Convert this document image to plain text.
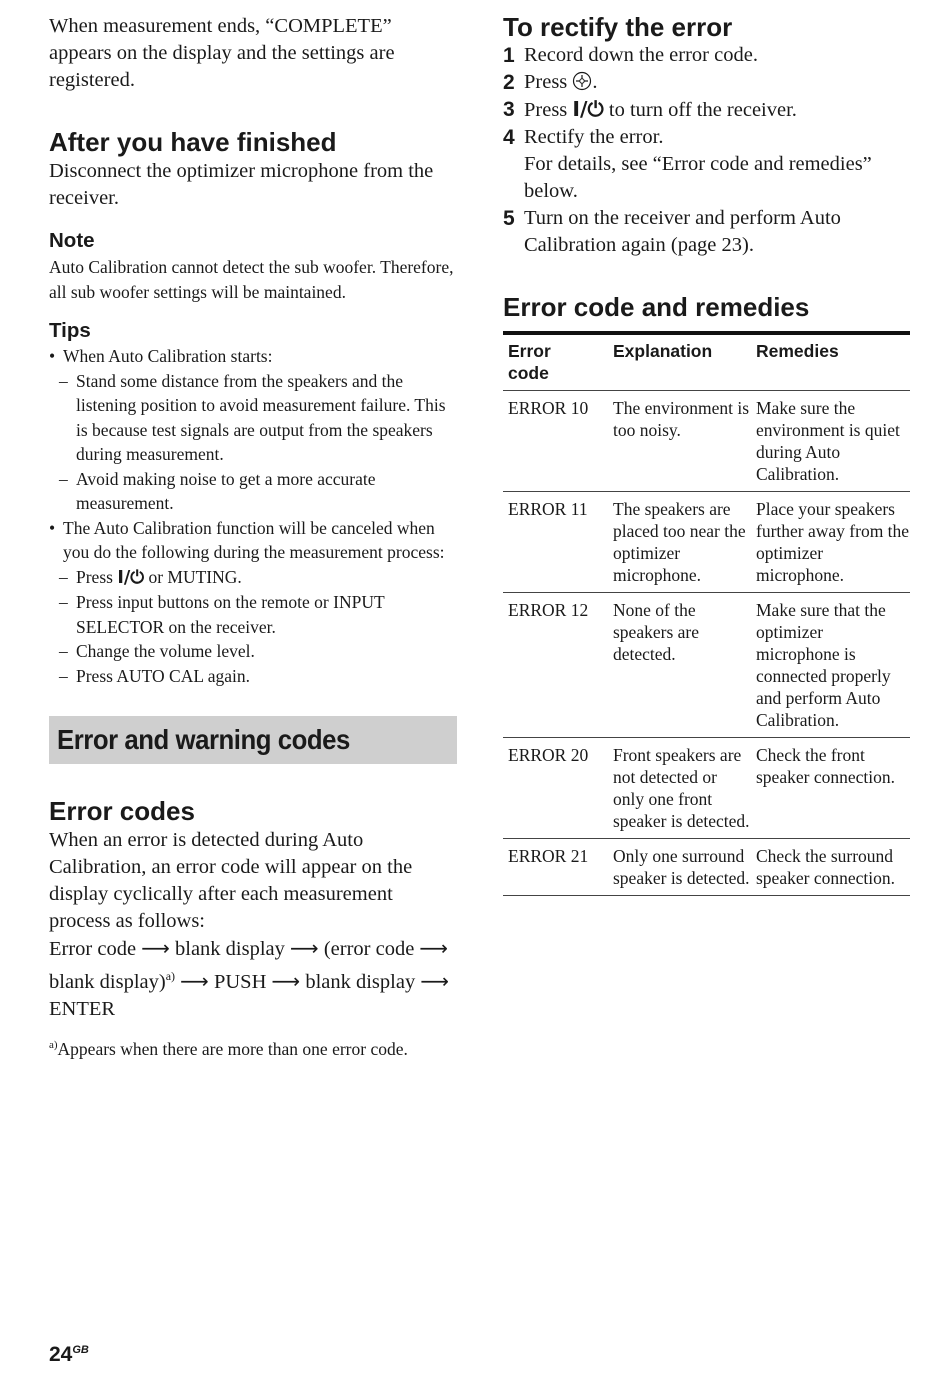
When measurement ends, “COMPLETE” appears on the display and the settings are registered.

After you have finished

Disconnect the optimizer microphone from the receiver.

Note

Auto Calibration cannot detect the sub woofer. Therefore, all sub woofer settings will be maintained.

Tips
• When Auto Calibration starts:
– Stand some distance from the speakers and the listening position to avoid measurement failure. This is because test signals are output from the speakers during measurement.
– Avoid making noise to get a more accurate measurement.
• The Auto Calibration function will be canceled when you do the following during the measurement process:
– Press I/⏻ or MUTING.
– Press input buttons on the remote or INPUT SELECTOR on the receiver.
– Change the volume level.
– Press AUTO CAL again.
Error and warning codes
Error codes

When an error is detected during Auto Calibration, an error code will appear on the display cyclically after each measurement process as follows:

Error code ⟶ blank display ⟶ (error code ⟶ blank display)$^{a)}$ ⟶ PUSH ⟶ blank display ⟶ ENTER

$^{a)}$Appears when there are more than one error code.

To rectify the error
1 Record down the error code.
2 Press .
3 Press I/⏻ to turn off the receiver.
4 Rectify the error.
For details, see “Error code and remedies” below.
5 Turn on the receiver and perform Auto Calibration again (page 23).
Error code and remedies
Error code	Explanation	Remedies
ERROR 10	The environment is too noisy.	Make sure the environment is quiet during Auto Calibration.
ERROR 11	The speakers are placed too near the optimizer microphone.	Place your speakers further away from the optimizer microphone.
ERROR 12	None of the speakers are detected.	Make sure that the optimizer microphone is connected properly and perform Auto Calibration.
ERROR 20	Front speakers are not detected or only one front speaker is detected.	Check the front speaker connection.
ERROR 21	Only one surround speaker is detected.	Check the surround speaker connection.
$24^{GB}$
